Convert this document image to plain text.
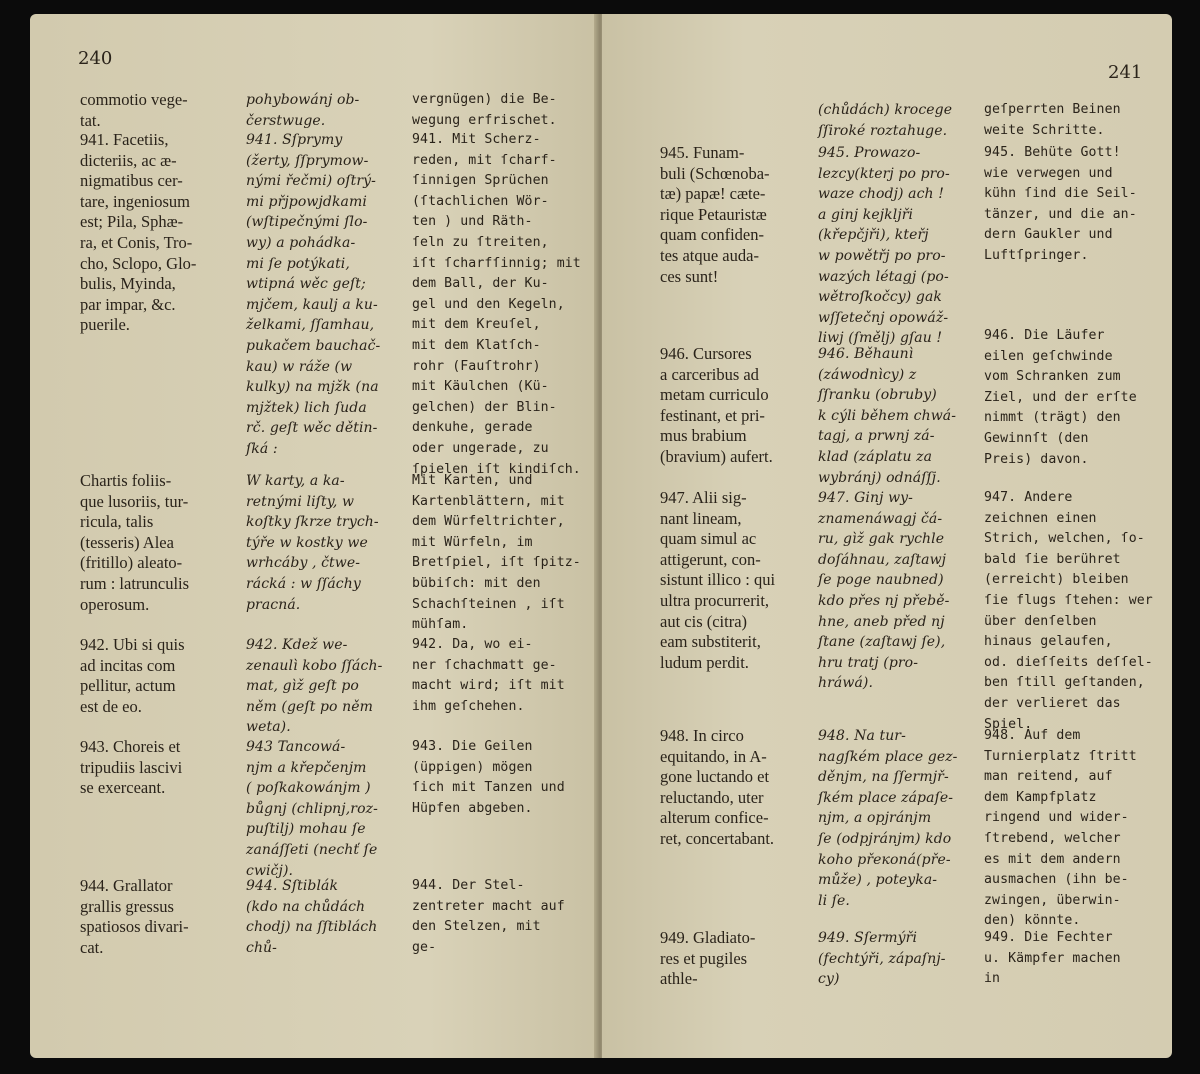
240
commotio vege-
tat.
pohybowánj ob-
čerstwuge.
vergnügen) die Be-
wegung erfrischet.
941. Facetiis,
dicteriis, ac æ-
nigmatibus cer-
tare, ingeniosum
est; Pila, Sphæ-
ra, et Conis, Tro-
cho, Sclopo, Glo-
bulis, Myinda,
par impar, &c.
puerile.
941. Sſprymy
(žerty, ſſprymow-
nými řečmi) oſtrý-
mi přjpowjdkami
(wſtipečnými ſlo-
wy) a pohádka-
mi ſe potýkati,
wtipná wěc geſt;
mjčem, kaulj a ku-
želkami, ſſamhau,
pukačem bauchač-
kau) w ráže (w
kulky) na mjžk (na
mjžtek) lich ſuda
rč. geſt wěc dětin-
ſká :
941. Mit Scherz-
reden, mit ſcharf-
ſinnigen Sprüchen
(ſtachlichen Wör-
ten ) und Räth-
ſeln zu ſtreiten,
iſt ſcharfſinnig; mit
dem Ball, der Ku-
gel und den Kegeln,
mit dem Kreuſel,
mit dem Klatſch-
rohr (Fauſtrohr)
mit Käulchen (Kü-
gelchen) der Blin-
denkuhe, gerade
oder ungerade, zu
ſpielen iſt kindiſch.
Chartis foliis-
que lusoriis, tur-
ricula, talis
(tesseris) Alea
(fritillo) aleato-
rum : latrunculis
operosum.
W karty, a ka-
retnými liſty, w
koſtky ſkrze trych-
týře w kostky we
wrhcáby , čtwe-
rácká : w ſſáchy
pracná.
Mit Karten, und
Kartenblättern, mit
dem Würfeltrichter,
mit Würfeln, im
Bretſpiel, iſt ſpitz-
bübiſch: mit den
Schachſteinen , iſt
mühſam.
942. Ubi si quis
ad incitas com
pellitur, actum
est de eo.
942. Kdež we-
zenaulì kobo ſſách-
mat, gìž geſt po
něm (geſt po něm
weta).
942. Da, wo ei-
ner ſchachmatt ge-
macht wird; iſt mit
ihm geſchehen.
943. Choreis et
tripudiis lascivi
se exerceant.
943 Tancowá-
njm a křepčenjm
( poſkakowánjm )
bůgnj (chlipnj,roz-
puſtilj) mohau ſe
zanáſſeti (nechť ſe
cwičj).
943. Die Geilen
(üppigen) mögen
ſich mit Tanzen und
Hüpfen abgeben.
944. Grallator
grallis gressus
spatiosos divari-
cat.
944. Sſtiblák
(kdo na chůdách
chodj) na ſſtiblách
chů-
944. Der Stel-
zentreter macht auf
den Stelzen, mit
ge-
241
(chůdách) krocege
ſſiroké roztahuge.
geſperrten Beinen
weite Schritte.
945. Funam-
buli (Schœnoba-
tæ) papæ! cæte-
rique Petauristæ
quam confiden-
tes atque auda-
ces sunt!
945. Prowazo-
lezcy(kterj po pro-
waze chodj) ach !
a ginj kejklјři
(křepčjři), kteřj
w powětřj po pro-
wazých létagj (po-
wětroſkočcy) gak
wſſetečnj opowáž-
liwj (ſmělj) gſau !
945. Behüte Gott!
wie verwegen und
kühn ſind die Seil-
tänzer, und die an-
dern Gaukler und
Luftſpringer.
946. Cursores
a carceribus ad
metam curriculo
festinant, et pri-
mus brabium
(bravium) aufert.
946. Běhaunì
(záwodnìcy) z
ſſranku (obruby)
k cýli během chwá-
tagj, a prwnj zá-
klad (záplatu za
wybránj) odnáſſj.
946. Die Läufer
eilen geſchwinde
vom Schranken zum
Ziel, und der erſte
nimmt (trägt) den
Gewinnſt (den
Preis) davon.
947. Alii sig-
nant lineam,
quam simul ac
attigerunt, con-
sistunt illico : qui
ultra procurrerit,
aut cis (citra)
eam substiterit,
ludum perdit.
947. Ginj wy-
znamenáwagj čá-
ru, gìž gak rychle
doſáhnau, zaſtawj
ſe poge naubned)
kdo přes nj přebě-
hne, aneb před nj
ſtane (zaſtawj ſe),
hru tratj (pro-
hráwá).
947. Andere
zeichnen einen
Strich, welchen, ſo-
bald ſie berühret
(erreicht) bleiben
ſie flugs ſtehen: wer
über denſelben
hinaus gelaufen,
od. dieſſeits deſſel-
ben ſtill geſtanden,
der verlieret das
Spiel.
948. In circo
equitando, in A-
gone luctando et
reluctando, uter
alterum confice-
ret, concertabant.
948. Na tur-
nagſkém place gez-
děnjm, na ſſermjř-
ſkém place zápaſe-
njm, a opjránjm
ſe (odpjránjm) kdo
koho přeкoná(pře-
může) , poteyka-
li ſe.
948. Auf dem
Turnierplatz ſtritt
man reitend, auf
dem Kampfplatz
ringend und wider-
ſtrebend, welcher
es mit dem andern
ausmachen (ihn be-
zwingen, überwin-
den) könnte.
949. Gladiato-
res et pugiles
athle-
949. Sſermýři
(fechtýři, zápaſnj-
cy)
949. Die Fechter
u. Kämpfer machen
in
